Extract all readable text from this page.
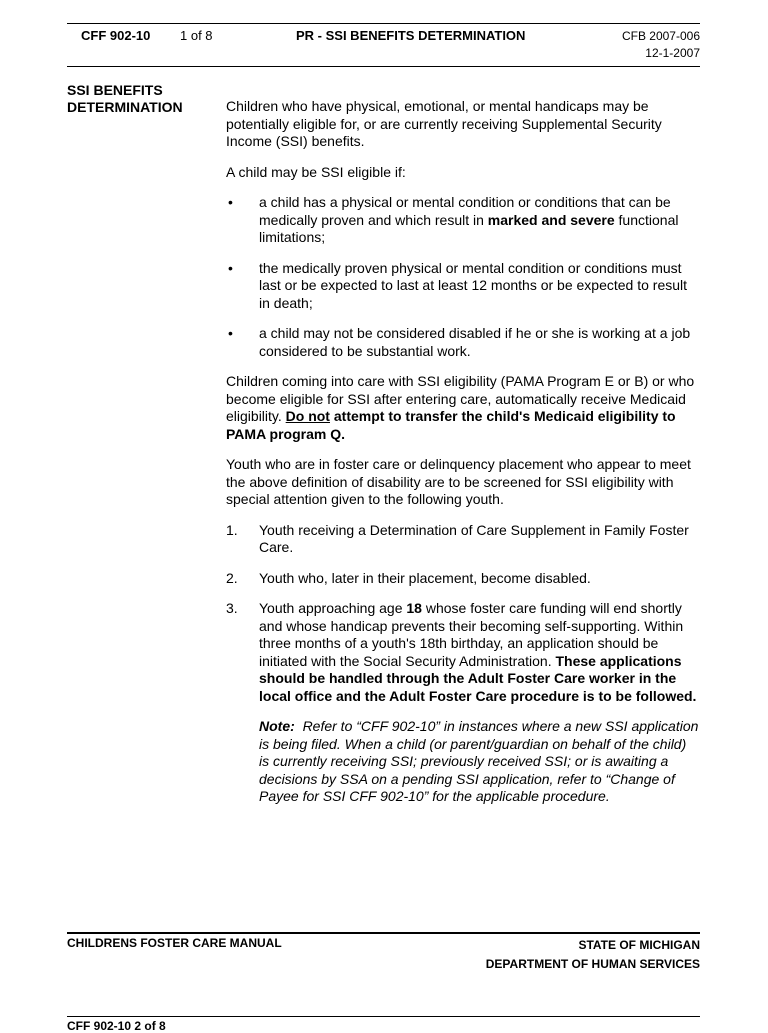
CFF 902-10 1 of 8	PR - SSI BENEFITS DETERMINATION	CFB 2007-006
12-1-2007
SSI BENEFITS DETERMINATION	Children who have physical, emotional, or mental handicaps may be potentially eligible for, or are currently receiving Supplemental Security Income (SSI) benefits.

A child may be SSI eligible if:

• a child has a physical or mental condition or conditions that can be medically proven and which result in marked and severe functional limitations;
• the medically proven physical or mental condition or conditions must last or be expected to last at least 12 months or be expected to result in death;
• a child may not be considered disabled if he or she is working at a job considered to be substantial work.

Children coming into care with SSI eligibility (PAMA Program E or B) or who become eligible for SSI after entering care, automatically receive Medicaid eligibility. Do not attempt to transfer the child's Medicaid eligibility to PAMA program Q.

Youth who are in foster care or delinquency placement who appear to meet the above definition of disability are to be screened for SSI eligibility with special attention given to the following youth.

1. Youth receiving a Determination of Care Supplement in Family Foster Care.
2. Youth who, later in their placement, become disabled.
3. Youth approaching age 18 whose foster care funding will end shortly and whose handicap prevents their becoming self-supporting. Within three months of a youth's 18th birthday, an application should be initiated with the Social Security Administration. These applications should be handled through the Adult Foster Care worker in the local office and the Adult Foster Care procedure is to be followed.
Note: Refer to “CFF 902-10” in instances where a new SSI application is being filed. When a child (or parent/guardian on behalf of the child) is currently receiving SSI; previously received SSI; or is awaiting a decisions by SSA on a pending SSI application, refer to “Change of Payee for SSI CFF 902-10” for the applicable procedure.
CHILDRENS FOSTER CARE MANUAL	STATE OF MICHIGAN
DEPARTMENT OF HUMAN SERVICES
CFF 902-10 2 of 8
